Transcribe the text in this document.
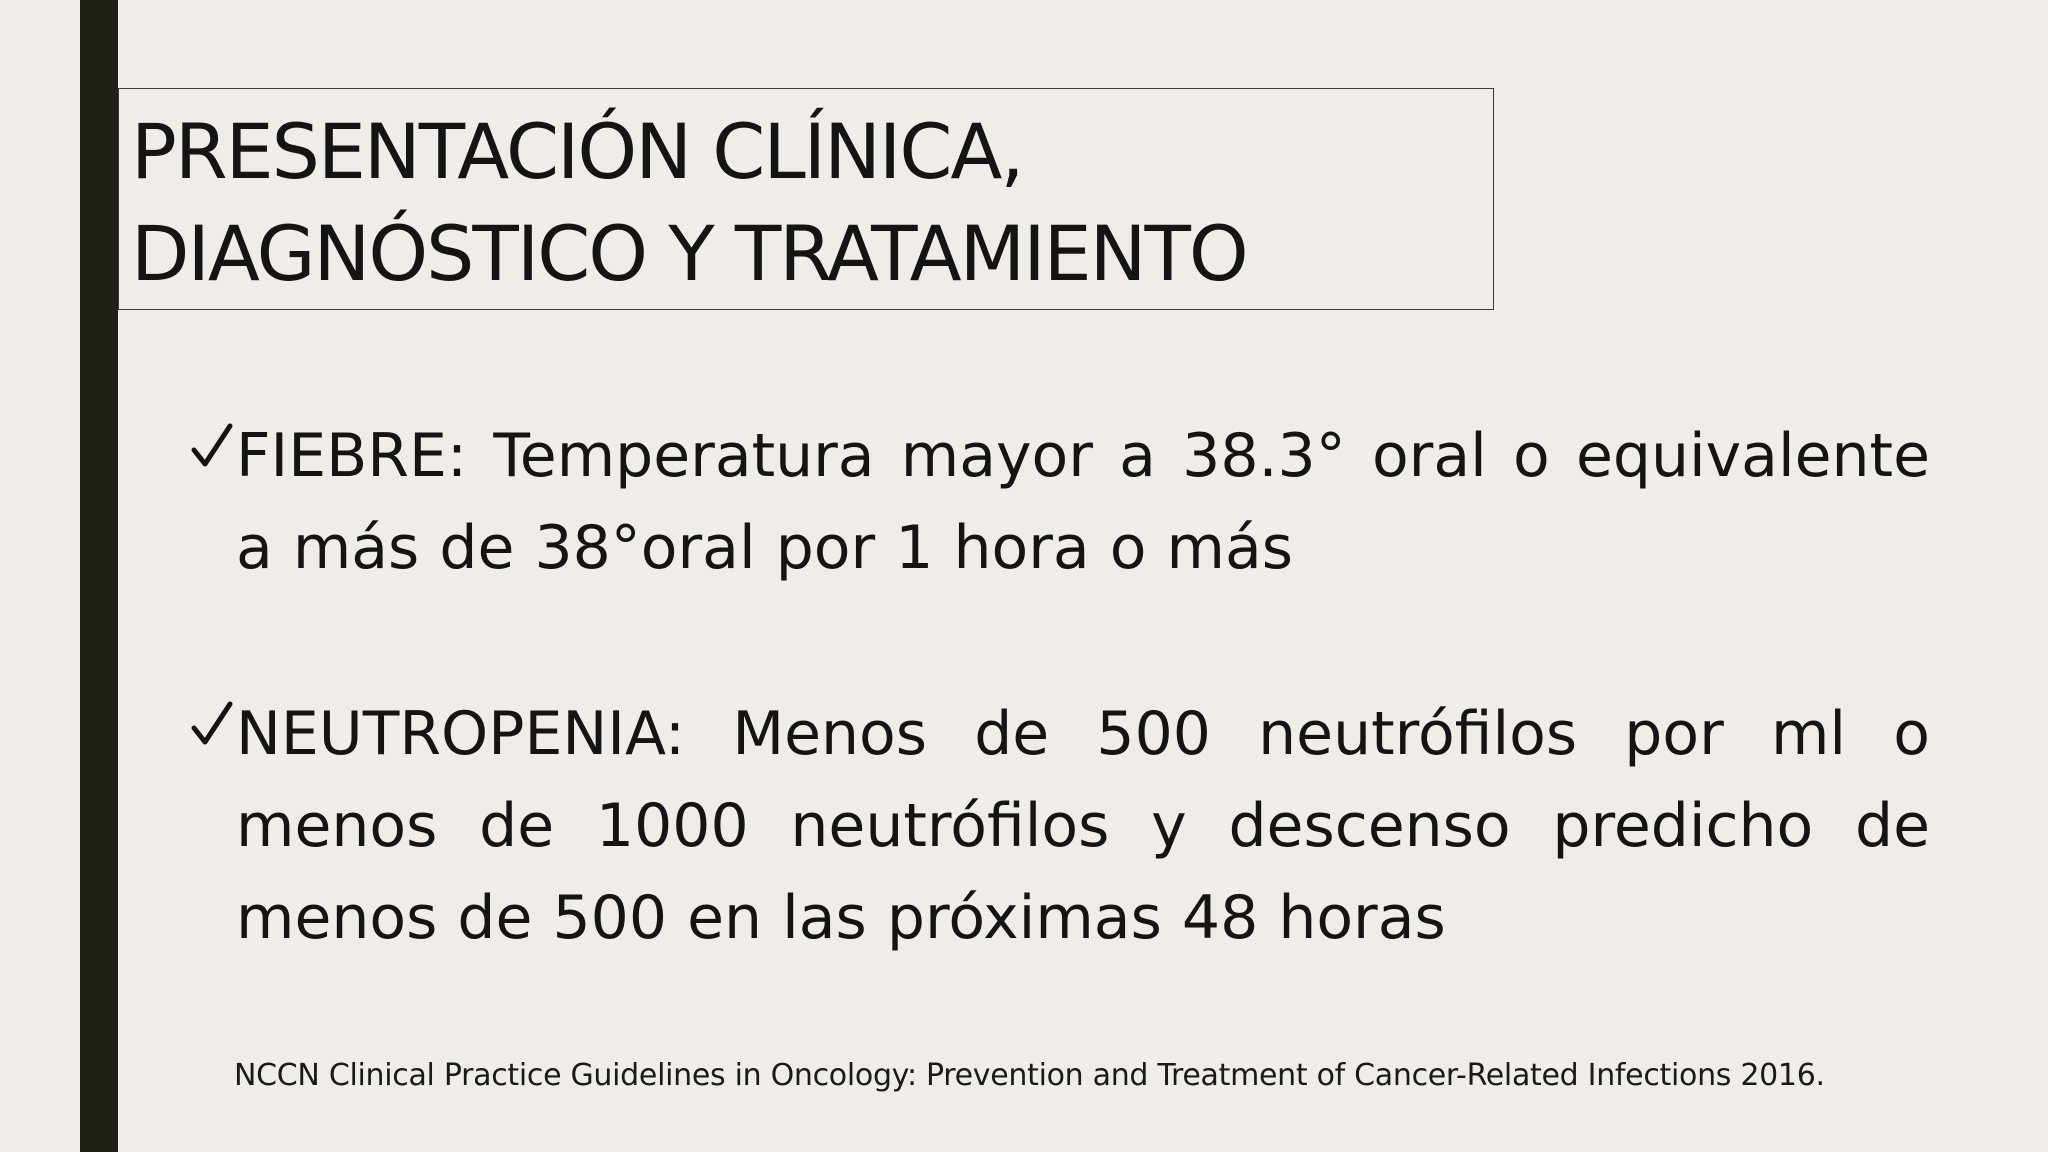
PRESENTACIÓN CLÍNICA,
DIAGNÓSTICO Y TRATAMIENTO

FIEBRE: Temperatura mayor a 38.3° oral o equivalente a más de 38°oral por 1 hora o más

NEUTROPENIA: Menos de 500 neutrófilos por ml o menos de 1000 neutrófilos y descenso predicho de menos de 500 en las próximas 48 horas

NCCN Clinical Practice Guidelines in Oncology: Prevention and Treatment of Cancer-Related Infections 2016.
